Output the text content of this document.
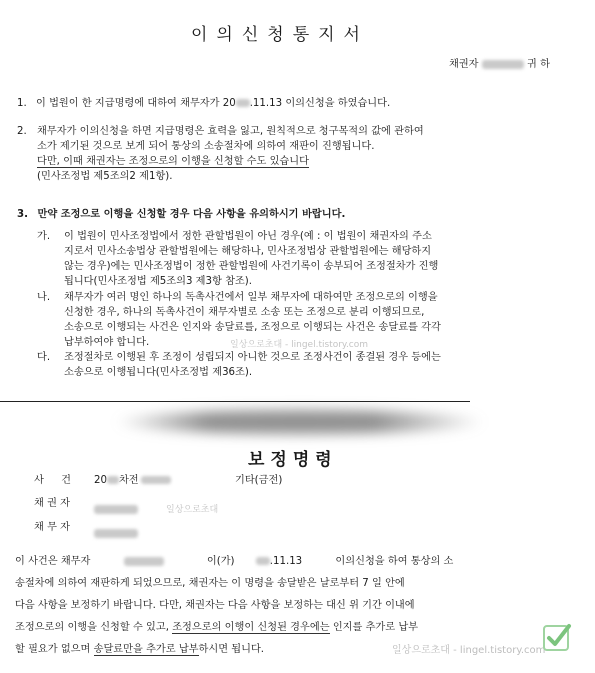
이의신청통지서
채권자	귀 하
1. 이 법원이 한 지급명령에 대하여 채무자가 20 .11.13 이의신청을 하였습니다.
2. 채무자가 이의신청을 하면 지급명령은 효력을 잃고, 원칙적으로 청구목적의 값에 관하여
소가 제기된 것으로 보게 되어 통상의 소송절차에 의하여 재판이 진행됩니다.
다만, 이때 채권자는 조정으로의 이행을 신청할 수도 있습니다
(민사조정법 제5조의2 제1항).
3. 만약 조정으로 이행을 신청할 경우 다음 사항을 유의하시기 바랍니다.
가. 이 법원이 민사조정법에서 정한 관할법원이 아닌 경우(예 : 이 법원이 채권자의 주소
지로서 민사소송법상 관할법원에는 해당하나, 민사조정법상 관할법원에는 해당하지
않는 경우)에는 민사조정법이 정한 관할법원에 사건기록이 송부되어 조정절차가 진행
됩니다(민사조정법 제5조의3 제3항 참조).
나. 채무자가 여러 명인 하나의 독촉사건에서 일부 채무자에 대하여만 조정으로의 이행을
신청한 경우, 하나의 독촉사건이 채무자별로 소송 또는 조정으로 분리 이행되므로,
소송으로 이행되는 사건은 인지와 송달료를, 조정으로 이행되는 사건은 송달료를 각각
납부하여야 합니다.
다. 조정절차로 이행된 후 조정이 성립되지 아니한 것으로 조정사건이 종결된 경우 등에는
소송으로 이행됩니다(민사조정법 제36조).
일상으로초대 - lingel.tistory.com
보정명령
사 건 20 차전	기타(금전)
채 권 자
일상으로초대
채 무 자
이 사건은 채무자	이(가)	.11.13	이의신청을 하여 통상의 소
송절차에 의하여 재판하게 되었으므로, 채권자는 이 명령을 송달받은 날로부터 7 일 안에
다음 사항을 보정하기 바랍니다. 다만, 채권자는 다음 사항을 보정하는 대신 위 기간 이내에
조정으로의 이행을 신청할 수 있고, 조정으로의 이행이 신청된 경우에는 인지를 추가로 납부
할 필요가 없으며 송달료만을 추가로 납부하시면 됩니다.	일상으로초대 - lingel.tistory.com
